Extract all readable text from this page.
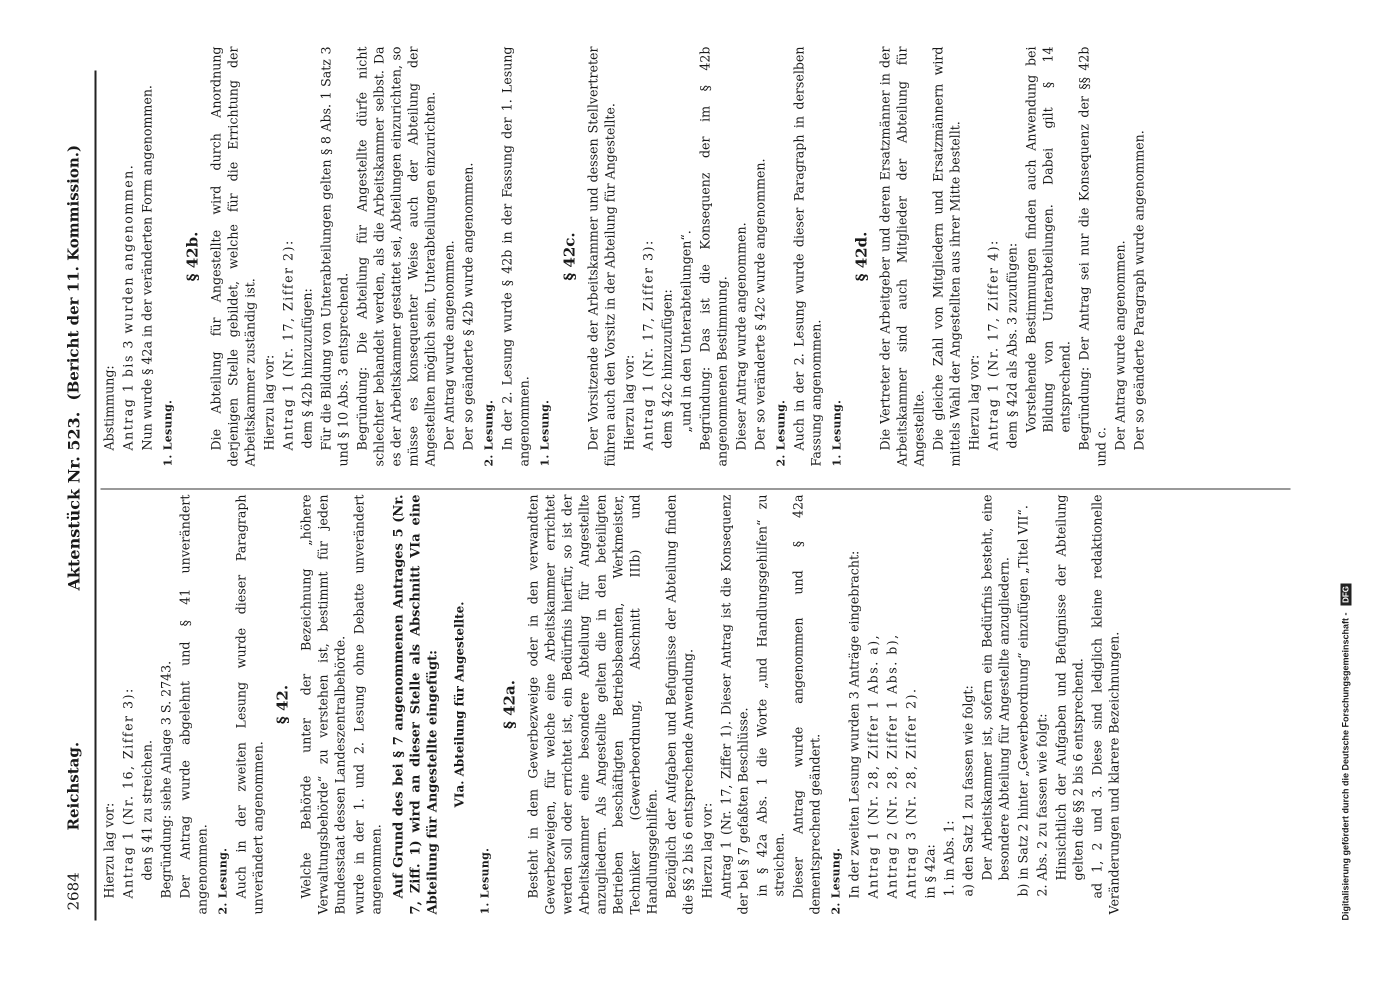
2684
Reichstag.
Aktenstück Nr. 523.
(Bericht der 11. Kommission.)

Hierzu lag vor: Antrag 1 (Nr. 16, Ziffer 3): den § 41 zu streichen. Begründung: siehe Anlage 3 S. 2743. Der Antrag wurde abgelehnt und § 41 unverändert angenommen. 2. Lesung. Auch in der zweiten Lesung wurde dieser Paragraph unverändert angenommen.

§ 42. Welche Behörde unter der Bezeichnung „höhere Verwaltungsbehörde“ zu verstehen ist, bestimmt für jeden Bundesstaat dessen Landeszentralbehörde. wurde in der 1. und 2. Lesung ohne Debatte unverändert angenommen. Auf Grund des bei § 7 angenommenen Antrages 5 (Nr. 7, Ziff. 1) wird an dieser Stelle als Abschnitt VIa eine Abteilung für Angestellte eingefügt: VIa. Abteilung für Angestellte.

1. Lesung.

§ 42a. Besteht in dem Gewerbezweige oder in den verwandten Gewerbezweigen, für welche eine Arbeitskammer errichtet werden soll oder errichtet ist, ein Bedürfnis hierfür, so ist der Arbeitskammer eine besondere Abteilung für Angestellte anzugliedern. Als Angestellte gelten die in den beteiligten Betrieben beschäftigten Betriebsbeamten, Werkmeister, Techniker (Gewerbeordnung, Abschnitt IIIb) und Handlungsgehilfen. Bezüglich der Aufgaben und Befugnisse der Abteilung finden die §§ 2 bis 6 entsprechende Anwendung. Hierzu lag vor: Antrag 1 (Nr. 17, Ziffer 1). Dieser Antrag ist die Konsequenz der bei § 7 gefaßten Beschlüsse. in § 42a Abs. 1 die Worte „und Handlungsgehilfen“ zu streichen. Dieser Antrag wurde angenommen und § 42a dementsprechend geändert. 2. Lesung. In der zweiten Lesung wurden 3 Anträge eingebracht: Antrag 1 (Nr. 28, Ziffer 1 Abs. a), Antrag 2 (Nr. 28, Ziffer 1 Abs. b), Antrag 3 (Nr. 28, Ziffer 2). in § 42a: 1. in Abs. 1: a) den Satz 1 zu fassen wie folgt: Der Arbeitskammer ist, sofern ein Bedürfnis besteht, eine besondere Abteilung für Angestellte anzugliedern. b) in Satz 2 hinter „Gewerbeordnung“ einzufügen „Titel VII“. 2. Abs. 2 zu fassen wie folgt: Hinsichtlich der Aufgaben und Befugnisse der Abteilung gelten die §§ 2 bis 6 entsprechend. ad 1, 2 und 3. Diese sind lediglich kleine redaktionelle Veränderungen und klarere Bezeichnungen.

Abstimmung: Antrag 1 bis 3 wurden angenommen. Nun wurde § 42a in der veränderten Form angenommen. 1. Lesung.

§ 42b. Die Abteilung für Angestellte wird durch Anordnung derjenigen Stelle gebildet, welche für die Errichtung der Arbeitskammer zuständig ist. Hierzu lag vor: Antrag 1 (Nr. 17, Ziffer 2): dem § 42b hinzuzufügen: Für die Bildung von Unterabteilungen gelten § 8 Abs. 1 Satz 3 und § 10 Abs. 3 entsprechend. Begründung: Die Abteilung für Angestellte dürfe nicht schlechter behandelt werden, als die Arbeitskammer selbst. Da es der Arbeitskammer gestattet sei, Abteilungen einzurichten, so müsse es konsequenter Weise auch der Abteilung der Angestellten möglich sein, Unterabteilungen einzurichten. Der Antrag wurde angenommen. Der so geänderte § 42b wurde angenommen. 2. Lesung. In der 2. Lesung wurde § 42b in der Fassung der 1. Lesung angenommen. 1. Lesung.

§ 42c. Der Vorsitzende der Arbeitskammer und dessen Stellvertreter führen auch den Vorsitz in der Abteilung für Angestellte. Hierzu lag vor: Antrag 1 (Nr. 17, Ziffer 3): dem § 42c hinzuzufügen: „und in den Unterabteilungen“. Begründung: Das ist die Konsequenz der im § 42b angenommenen Bestimmung. Dieser Antrag wurde angenommen. Der so veränderte § 42c wurde angenommen. 2. Lesung. Auch in der 2. Lesung wurde dieser Paragraph in derselben Fassung angenommen. 1. Lesung.

§ 42d. Die Vertreter der Arbeitgeber und deren Ersatzmänner in der Arbeitskammer sind auch Mitglieder der Abteilung für Angestellte. Die gleiche Zahl von Mitgliedern und Ersatzmännern wird mittels Wahl der Angestellten aus ihrer Mitte bestellt. Hierzu lag vor: Antrag 1 (Nr. 17, Ziffer 4): dem § 42d als Abs. 3 zuzufügen: Vorstehende Bestimmungen finden auch Anwendung bei Bildung von Unterabteilungen. Dabei gilt § 14 entsprechend. Begründung: Der Antrag sei nur die Konsequenz der §§ 42b und c. Der Antrag wurde angenommen. Der so geänderte Paragraph wurde angenommen.

Digitalisierung gefördert durch die Deutsche Forschungsgemeinschaft - DFG
